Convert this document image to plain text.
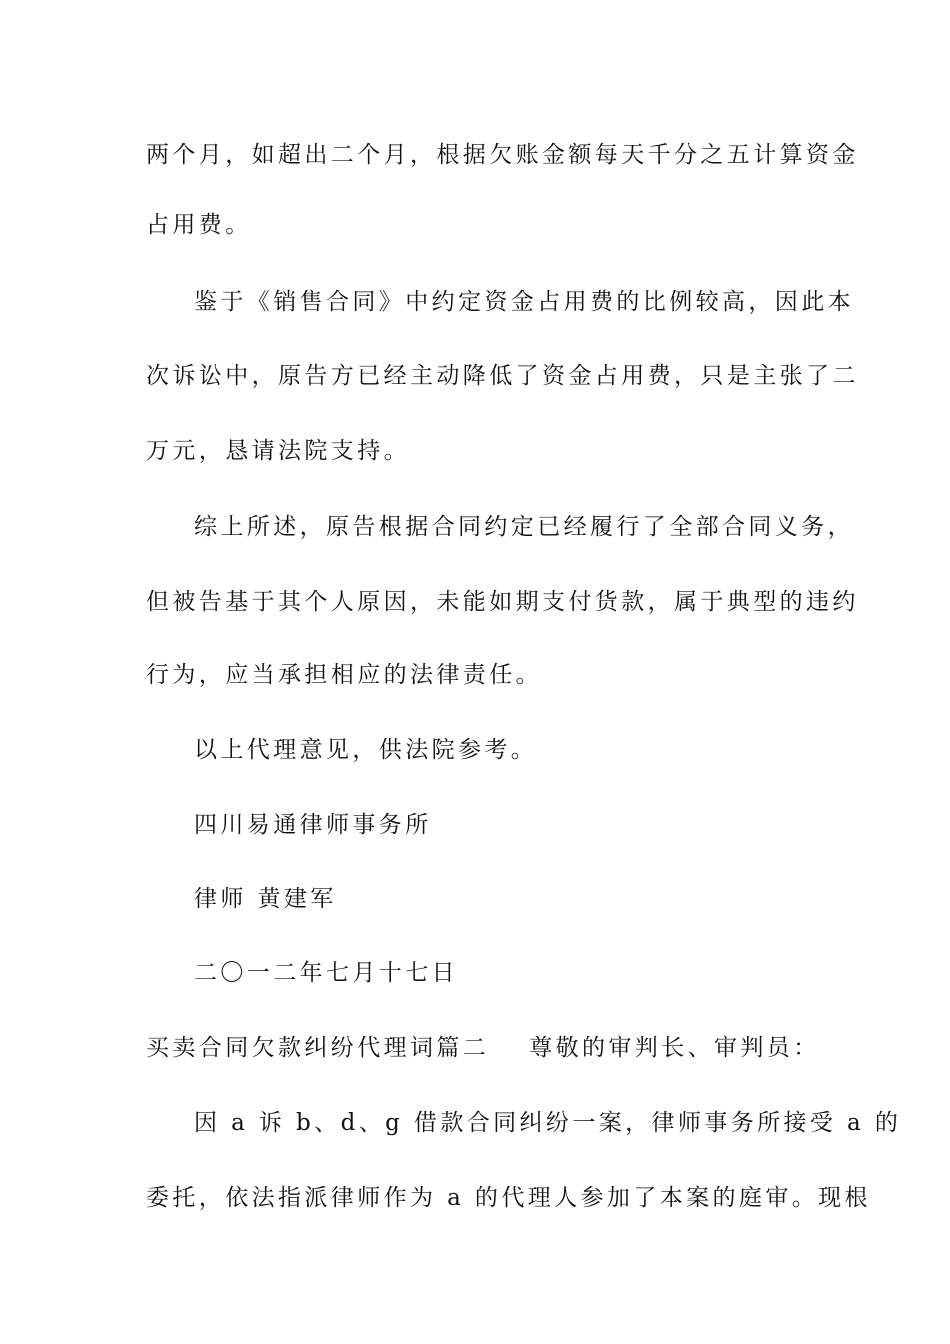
两个月，如超出二个月，根据欠账金额每天千分之五计算资金
占用费。
鉴于《销售合同》中约定资金占用费的比例较高，因此本
次诉讼中，原告方已经主动降低了资金占用费，只是主张了二
万元，恳请法院支持。
综上所述，原告根据合同约定已经履行了全部合同义务，
但被告基于其个人原因，未能如期支付货款，属于典型的违约
行为，应当承担相应的法律责任。
以上代理意见，供法院参考。
四川易通律师事务所
律师 黄建军
二〇一二年七月十七日
买卖合同欠款纠纷代理词篇二 尊敬的审判长、审判员：
因 a 诉 b、d、g 借款合同纠纷一案，律师事务所接受 a 的
委托，依法指派律师作为 a 的代理人参加了本案的庭审。现根
